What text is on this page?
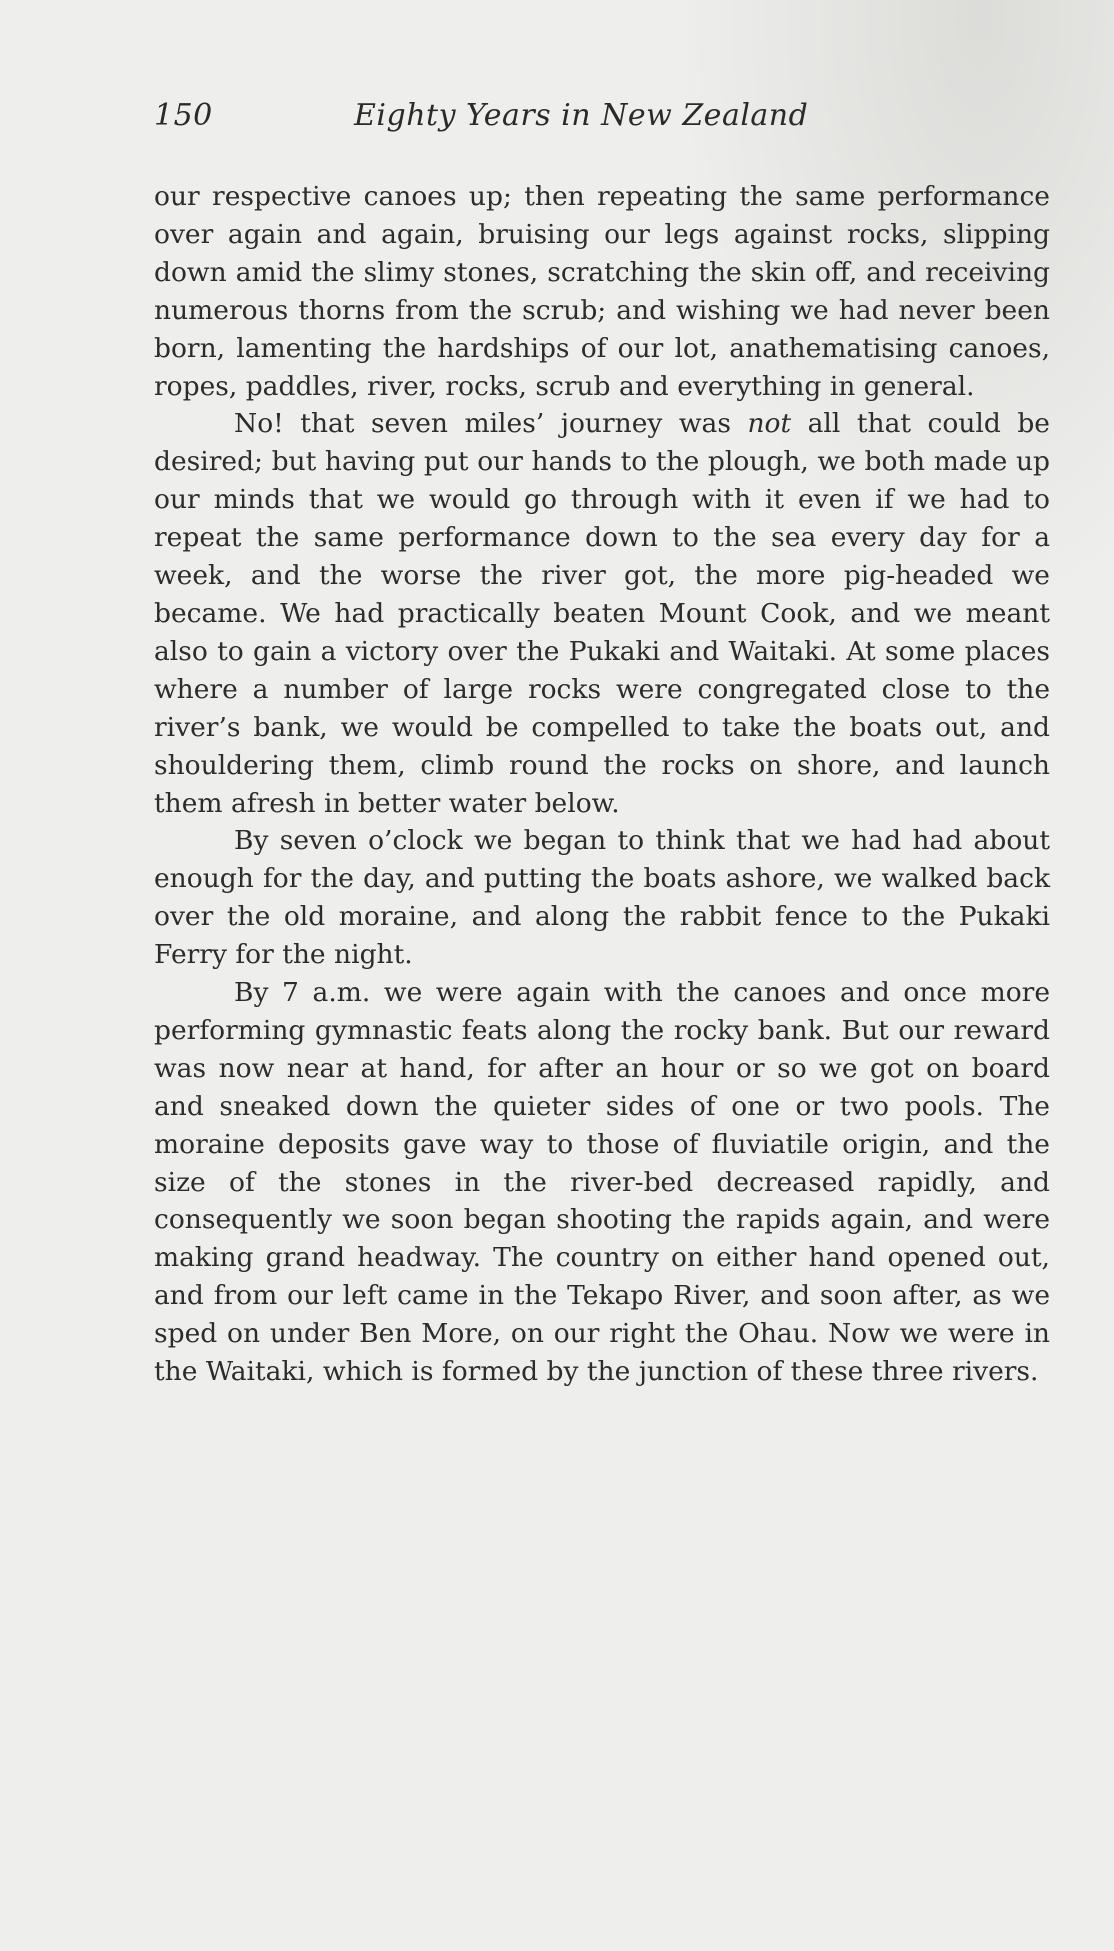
150	Eighty Years in New Zealand

our respective canoes up; then repeating the same performance over again and again, bruising our legs against rocks, slipping down amid the slimy stones, scratching the skin off, and receiving numerous thorns from the scrub; and wishing we had never been born, lamenting the hardships of our lot, anathematising canoes, ropes, paddles, river, rocks, scrub and everything in general.

No! that seven miles’ journey was not all that could be desired; but having put our hands to the plough, we both made up our minds that we would go through with it even if we had to repeat the same performance down to the sea every day for a week, and the worse the river got, the more pig-headed we became. We had practically beaten Mount Cook, and we meant also to gain a victory over the Pukaki and Waitaki. At some places where a number of large rocks were congregated close to the river’s bank, we would be compelled to take the boats out, and shouldering them, climb round the rocks on shore, and launch them afresh in better water below.

By seven o’clock we began to think that we had had about enough for the day, and putting the boats ashore, we walked back over the old moraine, and along the rabbit fence to the Pukaki Ferry for the night.

By 7 a.m. we were again with the canoes and once more performing gymnastic feats along the rocky bank. But our reward was now near at hand, for after an hour or so we got on board and sneaked down the quieter sides of one or two pools. The moraine deposits gave way to those of fluviatile origin, and the size of the stones in the river-bed decreased rapidly, and consequently we soon began shooting the rapids again, and were making grand headway. The country on either hand opened out, and from our left came in the Tekapo River, and soon after, as we sped on under Ben More, on our right the Ohau. Now we were in the Waitaki, which is formed by the junction of these three rivers.
